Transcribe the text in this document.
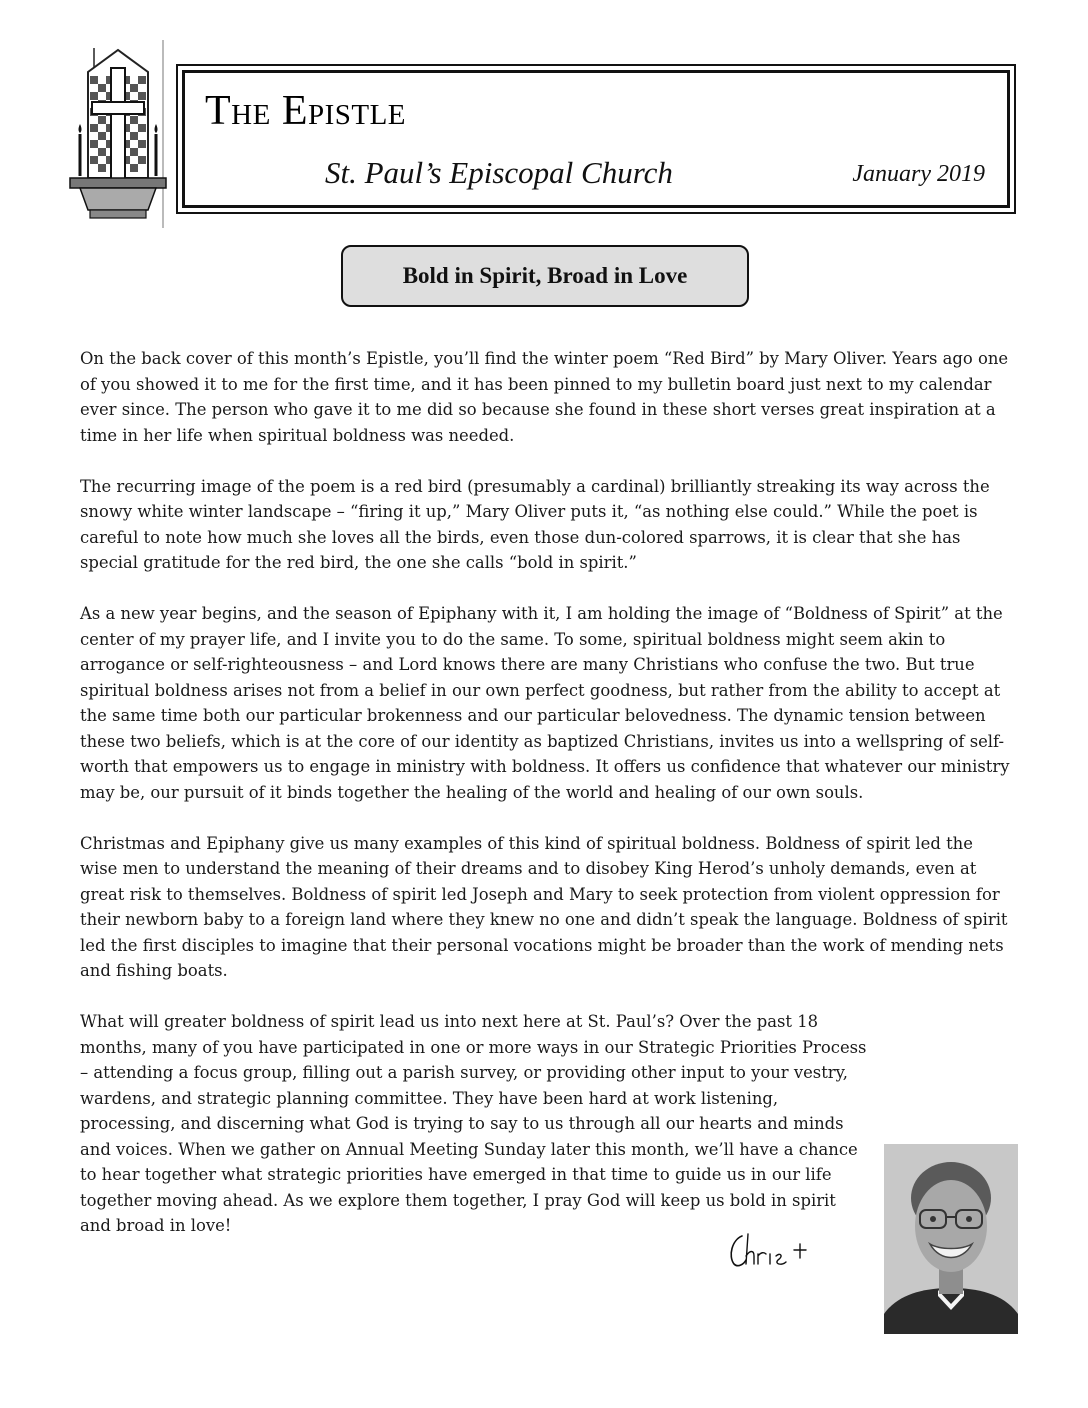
The Epistle
St. Paul’s Episcopal Church	January 2019
Bold in Spirit, Broad in Love

On the back cover of this month’s Epistle, you’ll find the winter poem “Red Bird” by Mary Oliver. Years ago one of you showed it to me for the first time, and it has been pinned to my bulletin board just next to my calendar ever since. The person who gave it to me did so because she found in these short verses great inspiration at a time in her life when spiritual boldness was needed.

The recurring image of the poem is a red bird (presumably a cardinal) brilliantly streaking its way across the snowy white winter landscape – “firing it up,” Mary Oliver puts it, “as nothing else could.” While the poet is careful to note how much she loves all the birds, even those dun-colored sparrows, it is clear that she has special gratitude for the red bird, the one she calls “bold in spirit.”

As a new year begins, and the season of Epiphany with it, I am holding the image of “Boldness of Spirit” at the center of my prayer life, and I invite you to do the same. To some, spiritual boldness might seem akin to arrogance or self-righteousness – and Lord knows there are many Christians who confuse the two. But true spiritual boldness arises not from a belief in our own perfect goodness, but rather from the ability to accept at the same time both our particular brokenness and our particular belovedness. The dynamic tension between these two beliefs, which is at the core of our identity as baptized Christians, invites us into a wellspring of self-worth that empowers us to engage in ministry with boldness. It offers us confidence that whatever our ministry may be, our pursuit of it binds together the healing of the world and healing of our own souls.

Christmas and Epiphany give us many examples of this kind of spiritual boldness. Boldness of spirit led the wise men to understand the meaning of their dreams and to disobey King Herod’s unholy demands, even at great risk to themselves. Boldness of spirit led Joseph and Mary to seek protection from violent oppression for their newborn baby to a foreign land where they knew no one and didn’t speak the language. Boldness of spirit led the first disciples to imagine that their personal vocations might be broader than the work of mending nets and fishing boats.

What will greater boldness of spirit lead us into next here at St. Paul’s? Over the past 18 months, many of you have participated in one or more ways in our Strategic Priorities Process – attending a focus group, filling out a parish survey, or providing other input to your vestry, wardens, and strategic planning committee. They have been hard at work listening, processing, and discerning what God is trying to say to us through all our hearts and minds and voices. When we gather on Annual Meeting Sunday later this month, we’ll have a chance to hear together what strategic priorities have emerged in that time to guide us in our life together moving ahead. As we explore them together, I pray God will keep us bold in spirit and broad in love!
